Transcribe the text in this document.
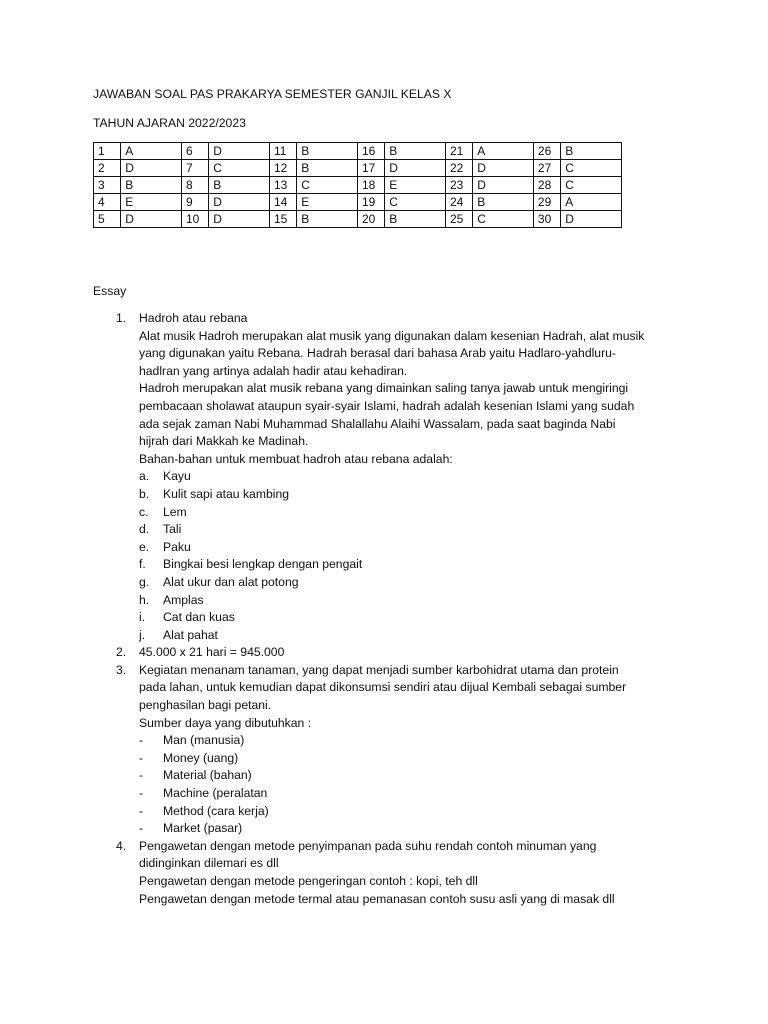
JAWABAN SOAL PAS PRAKARYA SEMESTER GANJIL KELAS X
TAHUN AJARAN 2022/2023
1	A	6	D	11	B	16	B	21	A	26	B
2	D	7	C	12	B	17	D	22	D	27	C
3	B	8	B	13	C	18	E	23	D	28	C
4	E	9	D	14	E	19	C	24	B	29	A
5	D	10	D	15	B	20	B	25	C	30	D
Essay
1. Hadroh atau rebana
Alat musik Hadroh merupakan alat musik yang digunakan dalam kesenian Hadrah, alat musik
yang digunakan yaitu Rebana. Hadrah berasal dari bahasa Arab yaitu Hadlaro-yahdluru-
hadlran yang artinya adalah hadir atau kehadiran.
Hadroh merupakan alat musik rebana yang dimainkan saling tanya jawab untuk mengiringi
pembacaan sholawat ataupun syair-syair Islami, hadrah adalah kesenian Islami yang sudah
ada sejak zaman Nabi Muhammad Shalallahu Alaihi Wassalam, pada saat baginda Nabi
hijrah dari Makkah ke Madinah.
Bahan-bahan untuk membuat hadroh atau rebana adalah:
a. Kayu
b. Kulit sapi atau kambing
c. Lem
d. Tali
e. Paku
f. Bingkai besi lengkap dengan pengait
g. Alat ukur dan alat potong
h. Amplas
i. Cat dan kuas
j. Alat pahat
2. 45.000 x 21 hari = 945.000
3. Kegiatan menanam tanaman, yang dapat menjadi sumber karbohidrat utama dan protein
pada lahan, untuk kemudian dapat dikonsumsi sendiri atau dijual Kembali sebagai sumber
penghasilan bagi petani.
Sumber daya yang dibutuhkan :
- Man (manusia)
- Money (uang)
- Material (bahan)
- Machine (peralatan
- Method (cara kerja)
- Market (pasar)
4. Pengawetan dengan metode penyimpanan pada suhu rendah contoh minuman yang
didinginkan dilemari es dll
Pengawetan dengan metode pengeringan contoh : kopi, teh dll
Pengawetan dengan metode termal atau pemanasan contoh susu asli yang di masak dll
